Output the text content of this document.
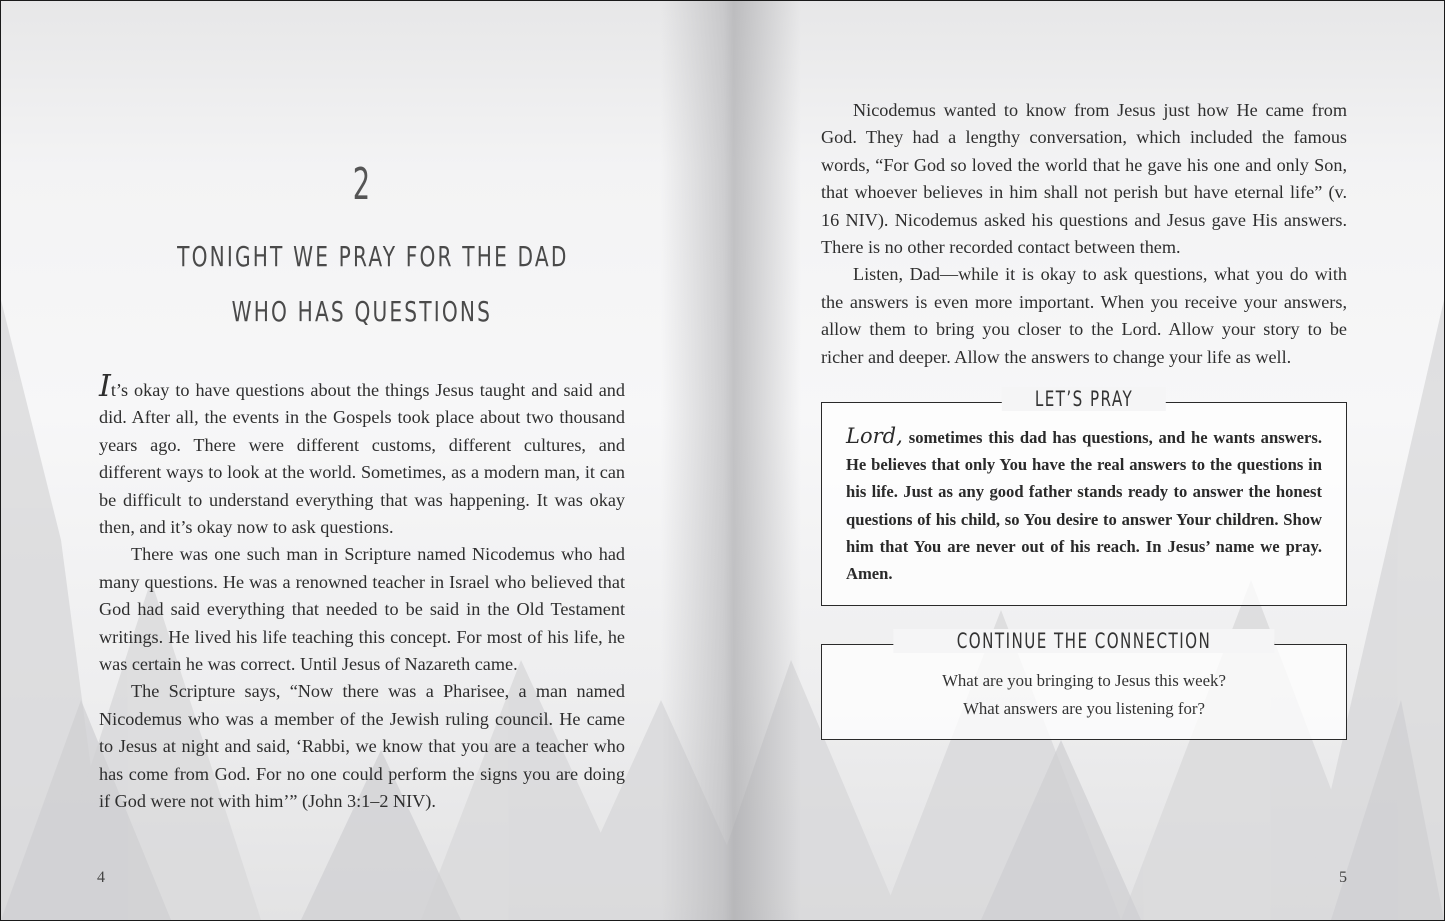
2
TONIGHT WE PRAY FOR THE DAD
WHO HAS QUESTIONS

It’s okay to have questions about the things Jesus taught and said and did. After all, the events in the Gospels took place about two thousand years ago. There were different customs, different cultures, and different ways to look at the world. Sometimes, as a modern man, it can be difficult to understand everything that was happening. It was okay then, and it’s okay now to ask questions.

There was one such man in Scripture named Nicodemus who had many questions. He was a renowned teacher in Israel who believed that God had said everything that needed to be said in the Old Testament writings. He lived his life teaching this concept. For most of his life, he was certain he was correct. Until Jesus of Nazareth came.

The Scripture says, “Now there was a Pharisee, a man named Nicodemus who was a member of the Jewish ruling council. He came to Jesus at night and said, ‘Rabbi, we know that you are a teacher who has come from God. For no one could perform the signs you are doing if God were not with him’” (John 3:1–2 NIV).

4

Nicodemus wanted to know from Jesus just how He came from God. They had a lengthy conversation, which included the famous words, “For God so loved the world that he gave his one and only Son, that whoever believes in him shall not perish but have eternal life” (v. 16 NIV). Nicodemus asked his questions and Jesus gave His answers. There is no other recorded contact between them.

Listen, Dad—while it is okay to ask questions, what you do with the answers is even more important. When you receive your answers, allow them to bring you closer to the Lord. Allow your story to be richer and deeper. Allow the answers to change your life as well.

LET’S PRAY
Lord, sometimes this dad has questions, and he wants answers. He believes that only You have the real answers to the questions in his life. Just as any good father stands ready to answer the honest questions of his child, so You desire to answer Your children. Show him that You are never out of his reach. In Jesus’ name we pray. Amen.
CONTINUE THE CONNECTION
What are you bringing to Jesus this week?
What answers are you listening for?
5
